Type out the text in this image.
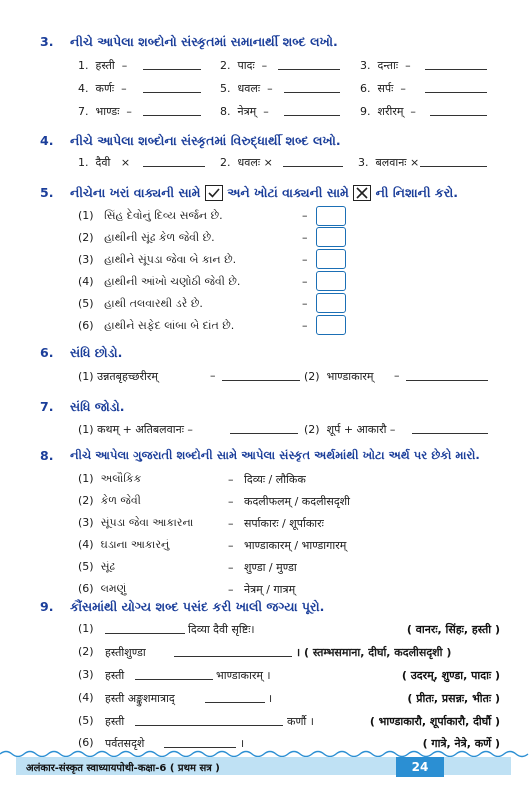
3. નીચે આપેલા શબ્દોનો સંસ્કૃતમાં સમાનાર્થી શબ્દ લખો.
1. हस्ती –	2. पादः –	3. दन्ताः –
4. कर्णः –	5. धवलः –	6. सर्पः –
7. भाण्डः –	8. नेत्रम् –	9. शरीरम् –
4. નીચે આપેલા શબ્દોના સંસ્કૃતમાં વિરુદ્ધાર્થી શબ્દ લખો.
1. दैवी ×	2. धवलः ×	3. बलवानः ×
5. નીચેના ખરાં વાક્યની સામે અને ખોટાં વાક્યની સામે ☒ ની નિશાની કરો.
(1) સિંહ દેવોનું દિવ્ય સર્જન છે.	–
(2) હાથીની સૂંઢ કેળ જેવી છે.	–
(3) હાથીને સૂંપડા જેવા બે કાન છે.	–
(4) હાથીની આંખો ચણોઠી જેવી છે.	–
(5) હાથી તલવારથી ડરે છે.	–
(6) હાથીને સફેદ લાંબા બે દાંત છે.	–
6. સંધિ છોડો.
(1) उन्नतबृहच्छरीरम्	–	(2) भाण्डाकारम् –
7. સંધિ જોડો.
(1) कथम् + अतिबलवानः –	(2) शूर्प + आकारौ –
8. નીચે આપેલા ગુજરાતી શબ્દોની સામે આપેલા સંસ્કૃત અર્થમાંથી ખોટા અર્થ પર છેકો મારો.
(1) અલૌકિક	– दिव्यः / लौकिक
(2) કેળ જેવી	– कदलीफलम् / कदलीसदृशी
(3) સૂંપડા જેવા આકારના	– सर्पाकारः / शूर्पाकारः
(4) ઘડાના આકારનું	– भाण्डाकारम् / भाण्डागारम्
(5) સૂંઢ	– शुण्डा / मुण्डा
(6) લમણું	– नेत्रम् / गात्रम्
9. કૌંસમાંથી યોગ્ય શબ્દ પસંદ કરી ખાલી જગ્યા પૂરો.
(1)	दिव्या दैवी सृष्टिः।	( वानरः, सिंहः, हस्ती )
(2) हस्तीशुण्डा	। ( स्तम्भसमाना, दीर्घा, कदलीसदृशी )
(3) हस्ती	भाण्डाकारम् ।	( उदरम्, शुण्डा, पादाः )
(4) हस्ती अङ्कुशमात्राद्	।	( प्रीतः, प्रसन्नः, भीतः )
(5) हस्ती	कर्णौ ।	( भाण्डाकारौ, शूर्पाकारौ, दीर्घौ )
(6) पर्वतसदृशे	।	( गात्रे, नेत्रे, कर्णे )
अलंकार-संस्कृत स्वाध्यायपोथी-कक्षा-6 ( प्रथम सत्र )	24
